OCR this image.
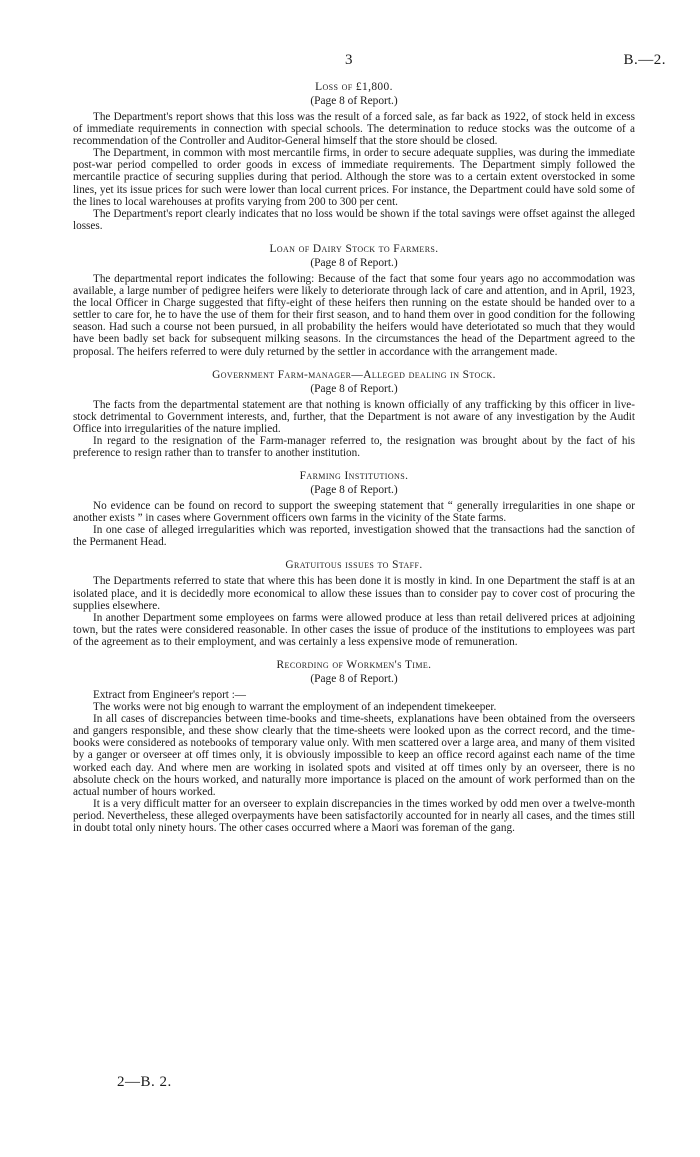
3	B.—2.
Loss of £1,800.
(Page 8 of Report.)

The Department's report shows that this loss was the result of a forced sale, as far back as 1922, of stock held in excess of immediate requirements in connection with special schools. The determination to reduce stocks was the outcome of a recommendation of the Controller and Auditor-General himself that the store should be closed.

The Department, in common with most mercantile firms, in order to secure adequate supplies, was during the immediate post-war period compelled to order goods in excess of immediate requirements. The Department simply followed the mercantile practice of securing supplies during that period. Although the store was to a certain extent overstocked in some lines, yet its issue prices for such were lower than local current prices. For instance, the Department could have sold some of the lines to local warehouses at profits varying from 200 to 300 per cent.

The Department's report clearly indicates that no loss would be shown if the total savings were offset against the alleged losses.

Loan of Dairy Stock to Farmers.
(Page 8 of Report.)

The departmental report indicates the following: Because of the fact that some four years ago no accommodation was available, a large number of pedigree heifers were likely to deteriorate through lack of care and attention, and in April, 1923, the local Officer in Charge suggested that fifty-eight of these heifers then running on the estate should be handed over to a settler to care for, he to have the use of them for their first season, and to hand them over in good condition for the following season. Had such a course not been pursued, in all probability the heifers would have deteriotated so much that they would have been badly set back for subsequent milking seasons. In the circumstances the head of the Department agreed to the proposal. The heifers referred to were duly returned by the settler in accordance with the arrangement made.

Government Farm-manager—Alleged dealing in Stock.
(Page 8 of Report.)

The facts from the departmental statement are that nothing is known officially of any trafficking by this officer in live-stock detrimental to Government interests, and, further, that the Department is not aware of any investigation by the Audit Office into irregularities of the nature implied.

In regard to the resignation of the Farm-manager referred to, the resignation was brought about by the fact of his preference to resign rather than to transfer to another institution.

Farming Institutions.
(Page 8 of Report.)

No evidence can be found on record to support the sweeping statement that “ generally irregularities in one shape or another exists ” in cases where Government officers own farms in the vicinity of the State farms.

In one case of alleged irregularities which was reported, investigation showed that the transactions had the sanction of the Permanent Head.

Gratuitous issues to Staff.

The Departments referred to state that where this has been done it is mostly in kind. In one Department the staff is at an isolated place, and it is decidedly more economical to allow these issues than to consider pay to cover cost of procuring the supplies elsewhere.

In another Department some employees on farms were allowed produce at less than retail delivered prices at adjoining town, but the rates were considered reasonable. In other cases the issue of produce of the institutions to employees was part of the agreement as to their employment, and was certainly a less expensive mode of remuneration.

Recording of Workmen's Time.
(Page 8 of Report.)

Extract from Engineer's report :—

The works were not big enough to warrant the employment of an independent timekeeper.

In all cases of discrepancies between time-books and time-sheets, explanations have been obtained from the overseers and gangers responsible, and these show clearly that the time-sheets were looked upon as the correct record, and the time-books were considered as notebooks of temporary value only. With men scattered over a large area, and many of them visited by a ganger or overseer at off times only, it is obviously impossible to keep an office record against each name of the time worked each day. And where men are working in isolated spots and visited at off times only by an overseer, there is no absolute check on the hours worked, and naturally more importance is placed on the amount of work performed than on the actual number of hours worked.

It is a very difficult matter for an overseer to explain discrepancies in the times worked by odd men over a twelve-month period. Nevertheless, these alleged overpayments have been satisfactorily accounted for in nearly all cases, and the times still in doubt total only ninety hours. The other cases occurred where a Maori was foreman of the gang.

2—B. 2.
